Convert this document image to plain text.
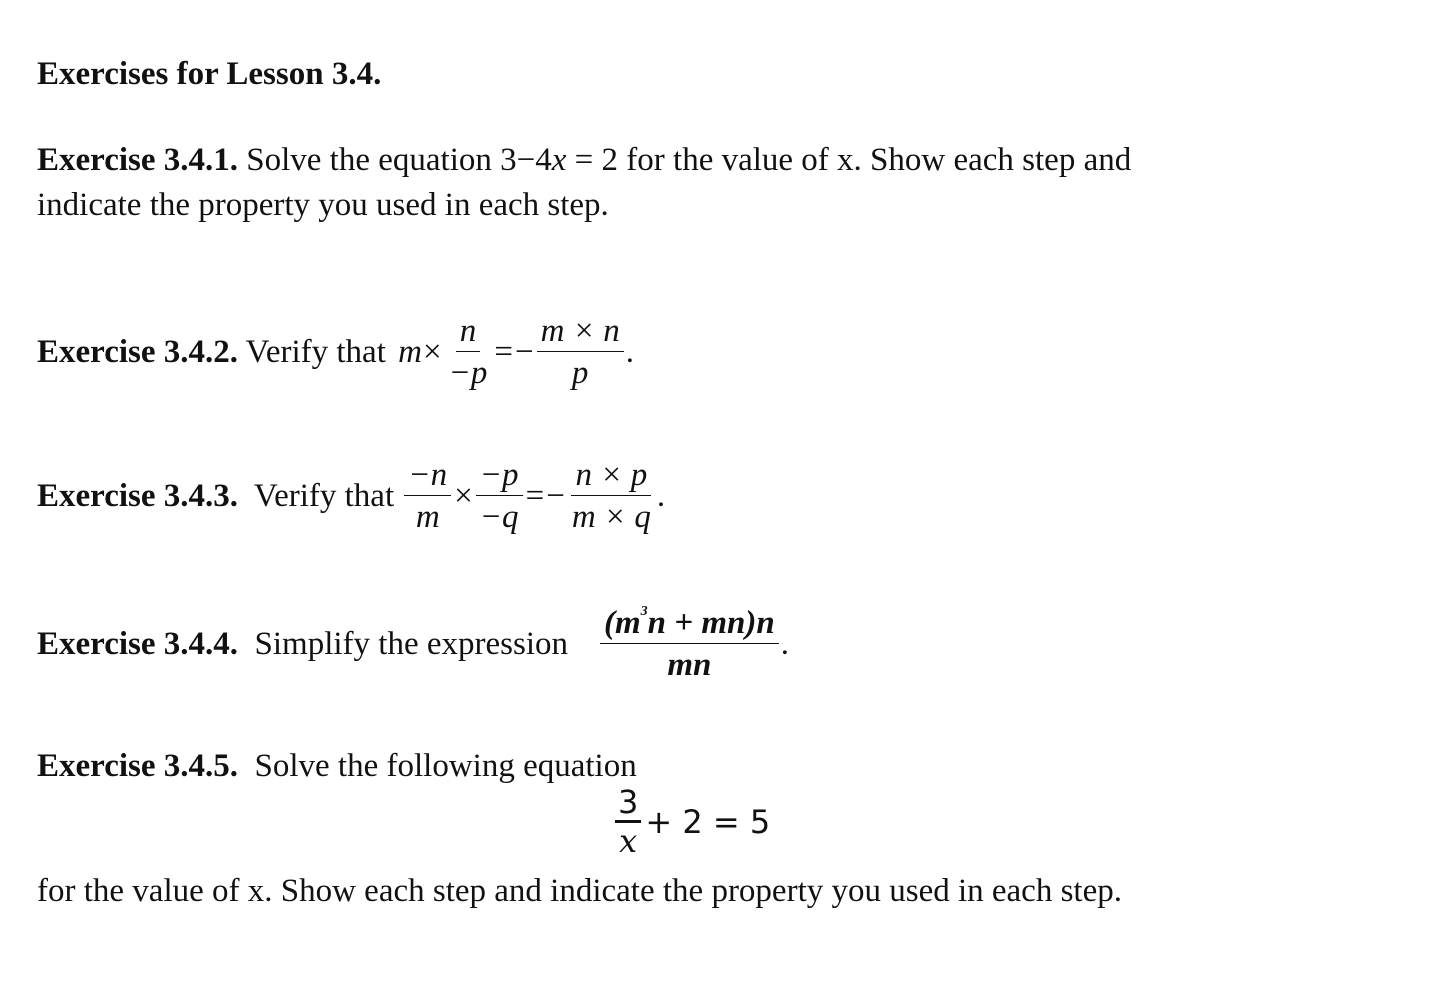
Exercises for Lesson 3.4.
Exercise 3.4.1. Solve the equation 3−4x = 2 for the value of x. Show each step and
indicate the property you used in each step.
Exercise 3.4.2. Verify that $m \times \frac{n}{-p}$ = − $\frac{m \times n}{p}$ .
Exercise 3.4.3. Verify that $\frac{-n}{m} \times \frac{-p}{-q}$ = − $\frac{n \times p}{m \times q}$ .
Exercise 3.4.4. Simplify the expression $\frac{(m^3n + mn)n}{mn}$ .
Exercise 3.4.5.  Solve the following equation
$\frac{3}{x} + 2 = 5$
for the value of x. Show each step and indicate the property you used in each step.
